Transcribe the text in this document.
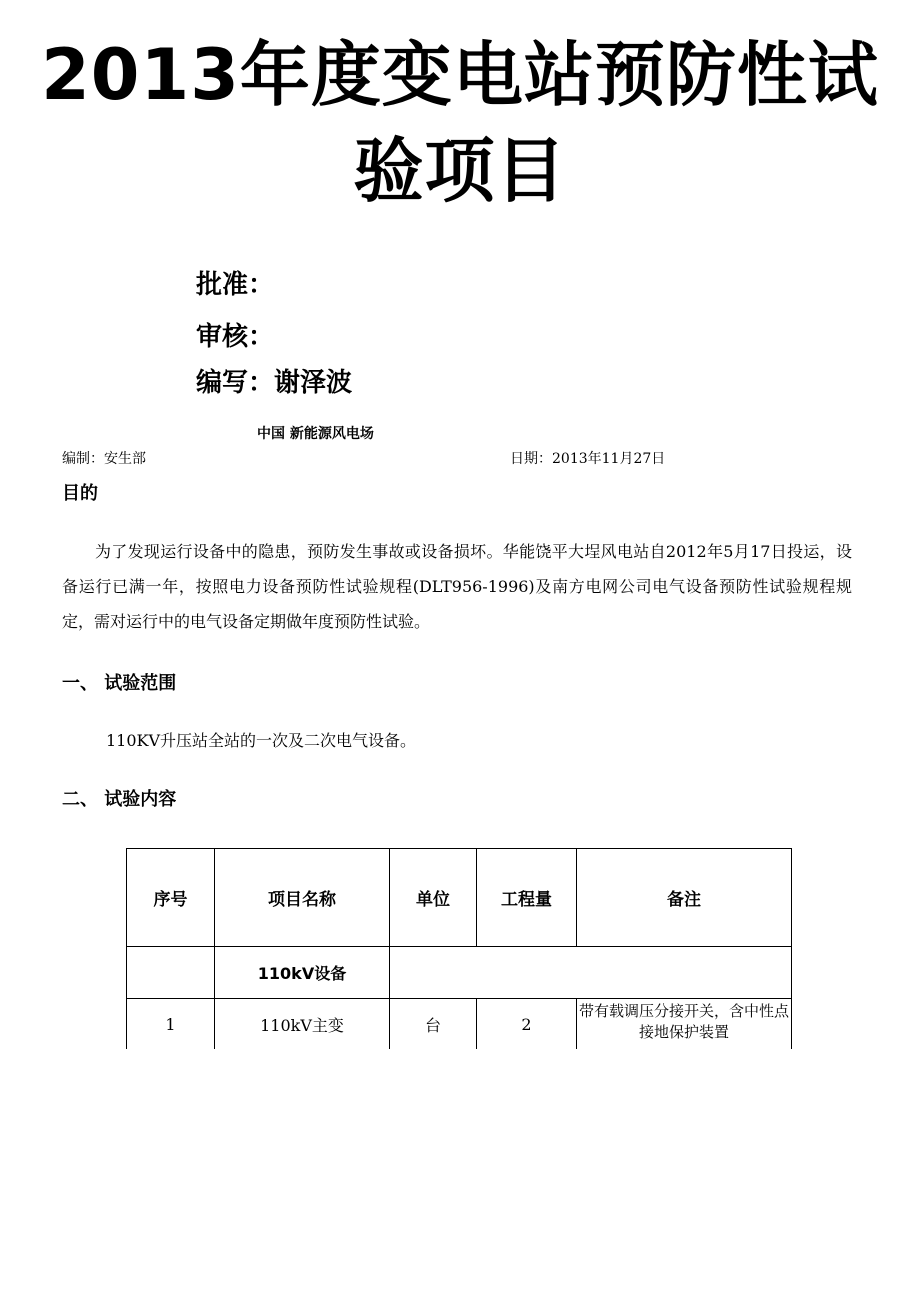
2013年度变电站预防性试
验项目
批准：
审核：
编写：谢泽波
中国 新能源风电场
编制：安生部	日期：2013年11月27日
目的
为了发现运行设备中的隐患，预防发生事故或设备损坏。华能饶平大埕风电站自2012年5月17日投运，设备运行已满一年，按照电力设备预防性试验规程(DLT956-1996)及南方电网公司电气设备预防性试验规程规定，需对运行中的电气设备定期做年度预防性试验。
一、 试验范围
110KV升压站全站的一次及二次电气设备。
二、 试验内容
序号	项目名称	单位	工程量	备注
	110kV设备			
1	110kV主变	台	2	带有载调压分接开关，含中性点接地保护装置
